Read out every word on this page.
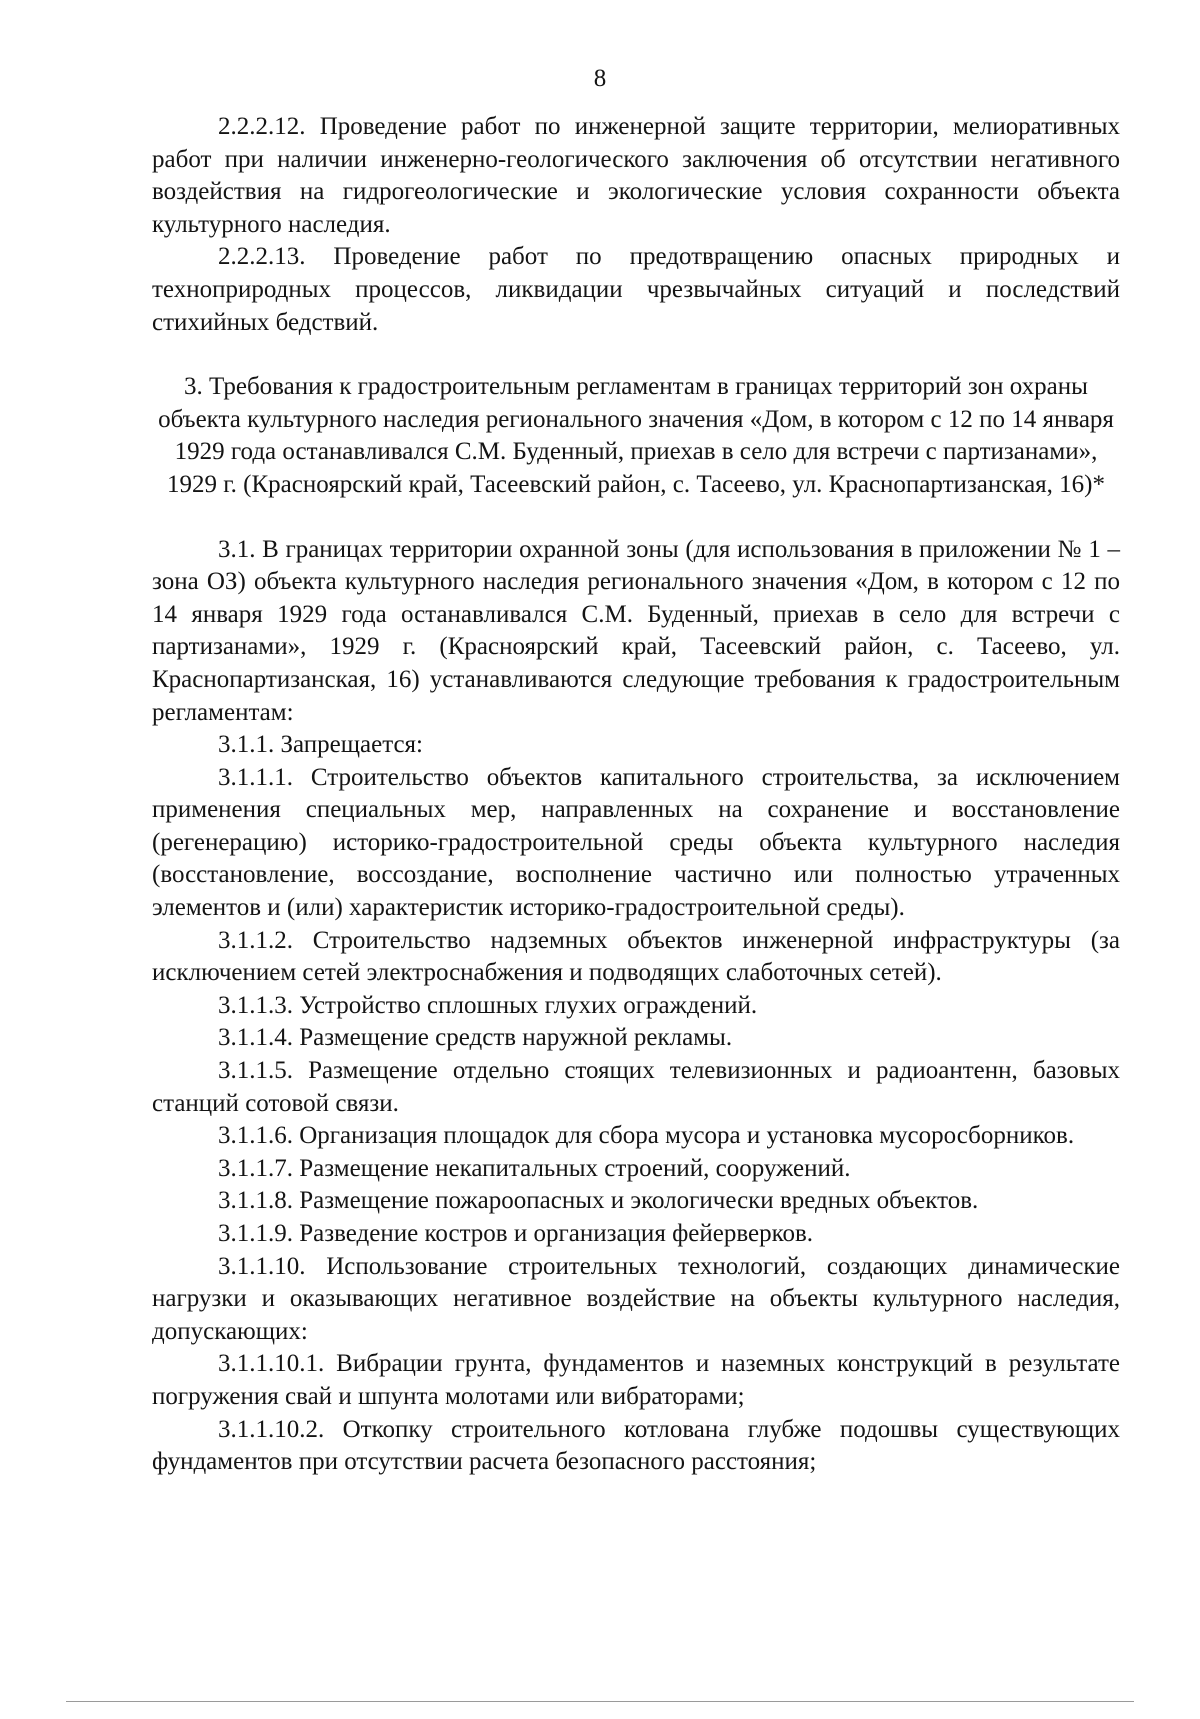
8

2.2.2.12. Проведение работ по инженерной защите территории, мелиоративных работ при наличии инженерно-геологического заключения об отсутствии негативного воздействия на гидрогеологические и экологические условия сохранности объекта культурного наследия.

2.2.2.13. Проведение работ по предотвращению опасных природных и технoприродных процессов, ликвидации чрезвычайных ситуаций и последствий стихийных бедствий.

3. Требования к градостроительным регламентам в границах территорий зон охраны объекта культурного наследия регионального значения «Дом, в котором с 12 по 14 января 1929 года останавливался С.М. Буденный, приехав в село для встречи с партизанами», 1929 г. (Красноярский край, Тасеевский район, с. Тасеево, ул. Краснопартизанская, 16)*

3.1. В границах территории охранной зоны (для использования в приложении № 1 – зона ОЗ) объекта культурного наследия регионального значения «Дом, в котором с 12 по 14 января 1929 года останавливался С.М. Буденный, приехав в село для встречи с партизанами», 1929 г. (Красноярский край, Тасеевский район, с. Тасеево, ул. Краснопартизанская, 16) устанавливаются следующие требования к градостроительным регламентам:

3.1.1. Запрещается:

3.1.1.1. Строительство объектов капитального строительства, за исключением применения специальных мер, направленных на сохранение и восстановление (регенерацию) историко-градостроительной среды объекта культурного наследия (восстановление, воссоздание, восполнение частично или полностью утраченных элементов и (или) характеристик историко-градостроительной среды).

3.1.1.2. Строительство надземных объектов инженерной инфраструктуры (за исключением сетей электроснабжения и подводящих слаботочных сетей).

3.1.1.3. Устройство сплошных глухих ограждений.

3.1.1.4. Размещение средств наружной рекламы.

3.1.1.5. Размещение отдельно стоящих телевизионных и радиоантенн, базовых станций сотовой связи.

3.1.1.6. Организация площадок для сбора мусора и установка мусоросборников.

3.1.1.7. Размещение некапитальных строений, сооружений.

3.1.1.8. Размещение пожароопасных и экологически вредных объектов.

3.1.1.9. Разведение костров и организация фейерверков.

3.1.1.10. Использование строительных технологий, создающих динамические нагрузки и оказывающих негативное воздействие на объекты культурного наследия, допускающих:

3.1.1.10.1. Вибрации грунта, фундаментов и наземных конструкций в результате погружения свай и шпунта молотами или вибраторами;

3.1.1.10.2. Откопку строительного котлована глубже подошвы существующих фундаментов при отсутствии расчета безопасного расстояния;
